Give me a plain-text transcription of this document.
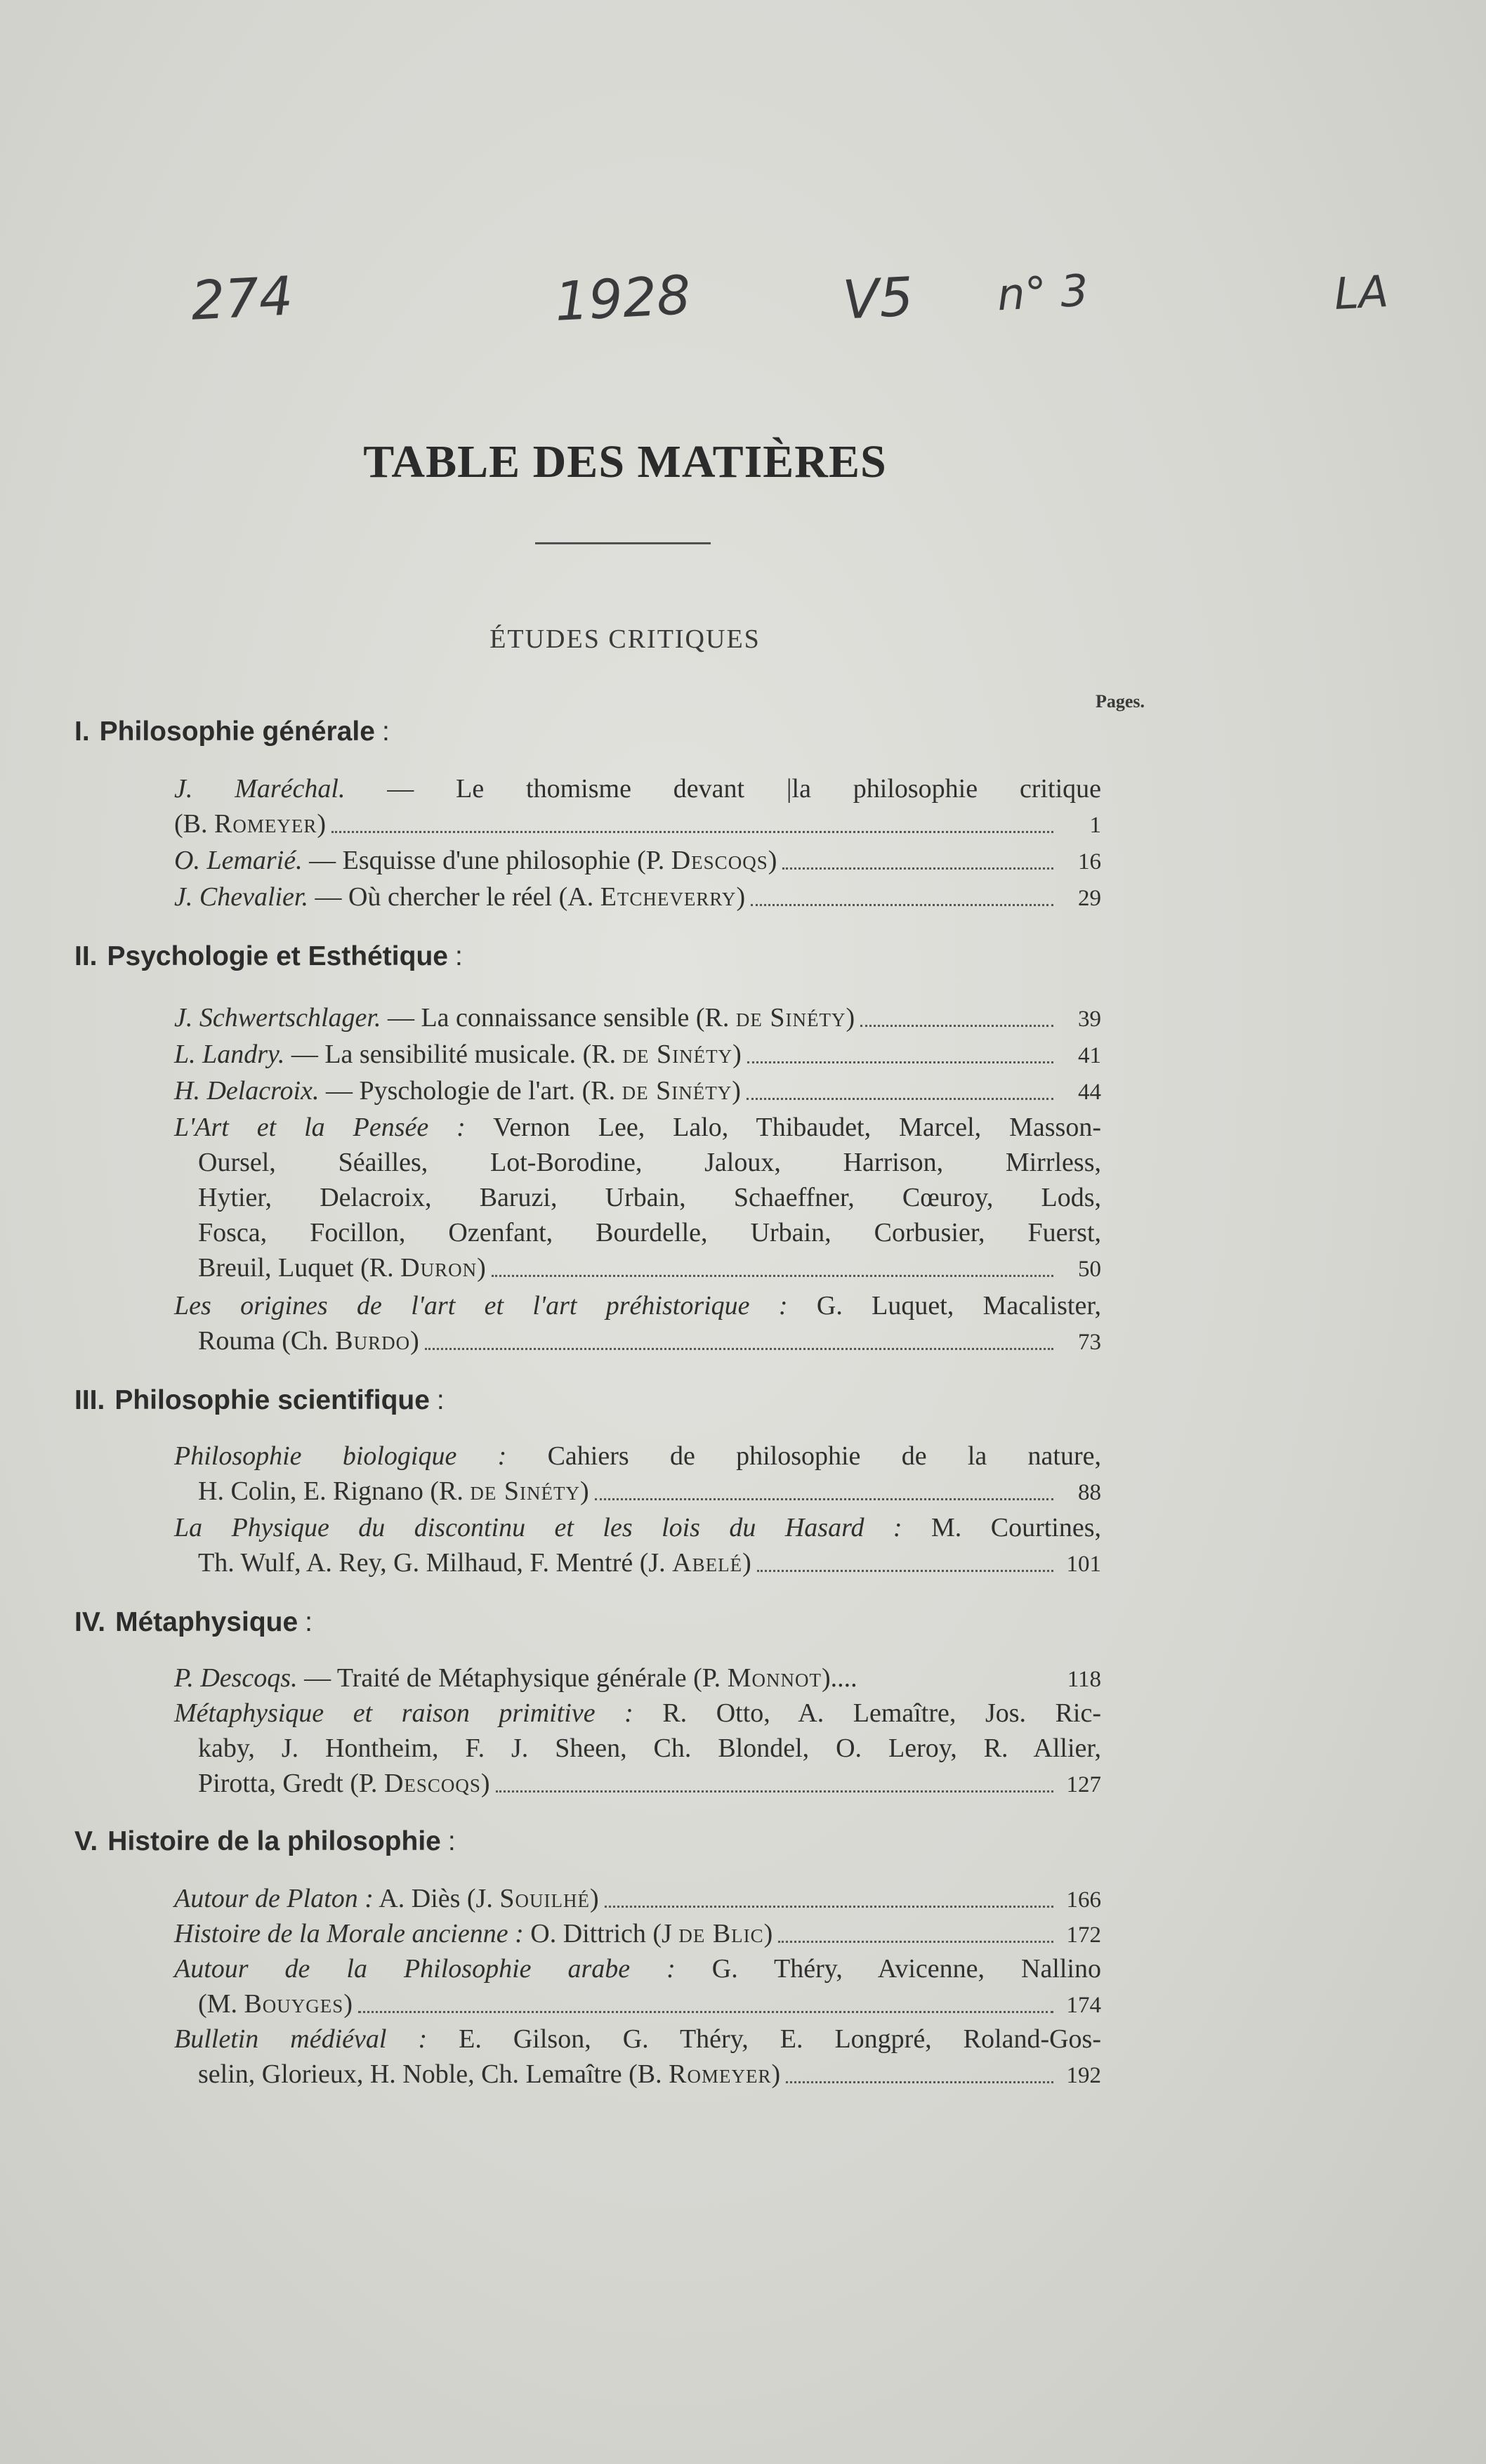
274	1928	V5 n° 3	LA
TABLE DES MATIÈRES
ÉTUDES CRITIQUES
Pages.
I. Philosophie générale :
J. Maréchal. — Le thomisme devant |la philosophie critique
(B. Romeyer)	1
O. Lemarié. — Esquisse d'une philosophie (P. Descoqs)	16
J. Chevalier. — Où chercher le réel (A. Etcheverry)	29
II. Psychologie et Esthétique :
J. Schwertschlager. — La connaissance sensible (R. de Sinéty)	39
L. Landry. — La sensibilité musicale. (R. de Sinéty)	41
H. Delacroix. — Pyschologie de l'art. (R. de Sinéty)	44
L'Art et la Pensée : Vernon Lee, Lalo, Thibaudet, Marcel, Masson-
Oursel, Séailles, Lot-Borodine, Jaloux, Harrison, Mirrless,
Hytier, Delacroix, Baruzi, Urbain, Schaeffner, Cœuroy, Lods,
Fosca, Focillon, Ozenfant, Bourdelle, Urbain, Corbusier, Fuerst,
Breuil, Luquet (R. Duron)	50
Les origines de l'art et l'art préhistorique : G. Luquet, Macalister,
Rouma (Ch. Burdo)	73
III. Philosophie scientifique :
Philosophie biologique : Cahiers de philosophie de la nature,
H. Colin, E. Rignano (R. de Sinéty)	88
La Physique du discontinu et les lois du Hasard : M. Courtines,
Th. Wulf, A. Rey, G. Milhaud, F. Mentré (J. Abelé)	101
IV. Métaphysique :
P. Descoqs. — Traité de Métaphysique générale (P. Monnot)....	118
Métaphysique et raison primitive : R. Otto, A. Lemaître, Jos. Ric-
kaby, J. Hontheim, F. J. Sheen, Ch. Blondel, O. Leroy, R. Allier,
Pirotta, Gredt (P. Descoqs)	127
V. Histoire de la philosophie :
Autour de Platon : A. Diès (J. Souilhé)	166
Histoire de la Morale ancienne : O. Dittrich (J de Blic)	172
Autour de la Philosophie arabe : G. Théry, Avicenne, Nallino
(M. Bouyges)	174
Bulletin médiéval : E. Gilson, G. Théry, E. Longpré, Roland-Gos-
selin, Glorieux, H. Noble, Ch. Lemaître (B. Romeyer)	192
